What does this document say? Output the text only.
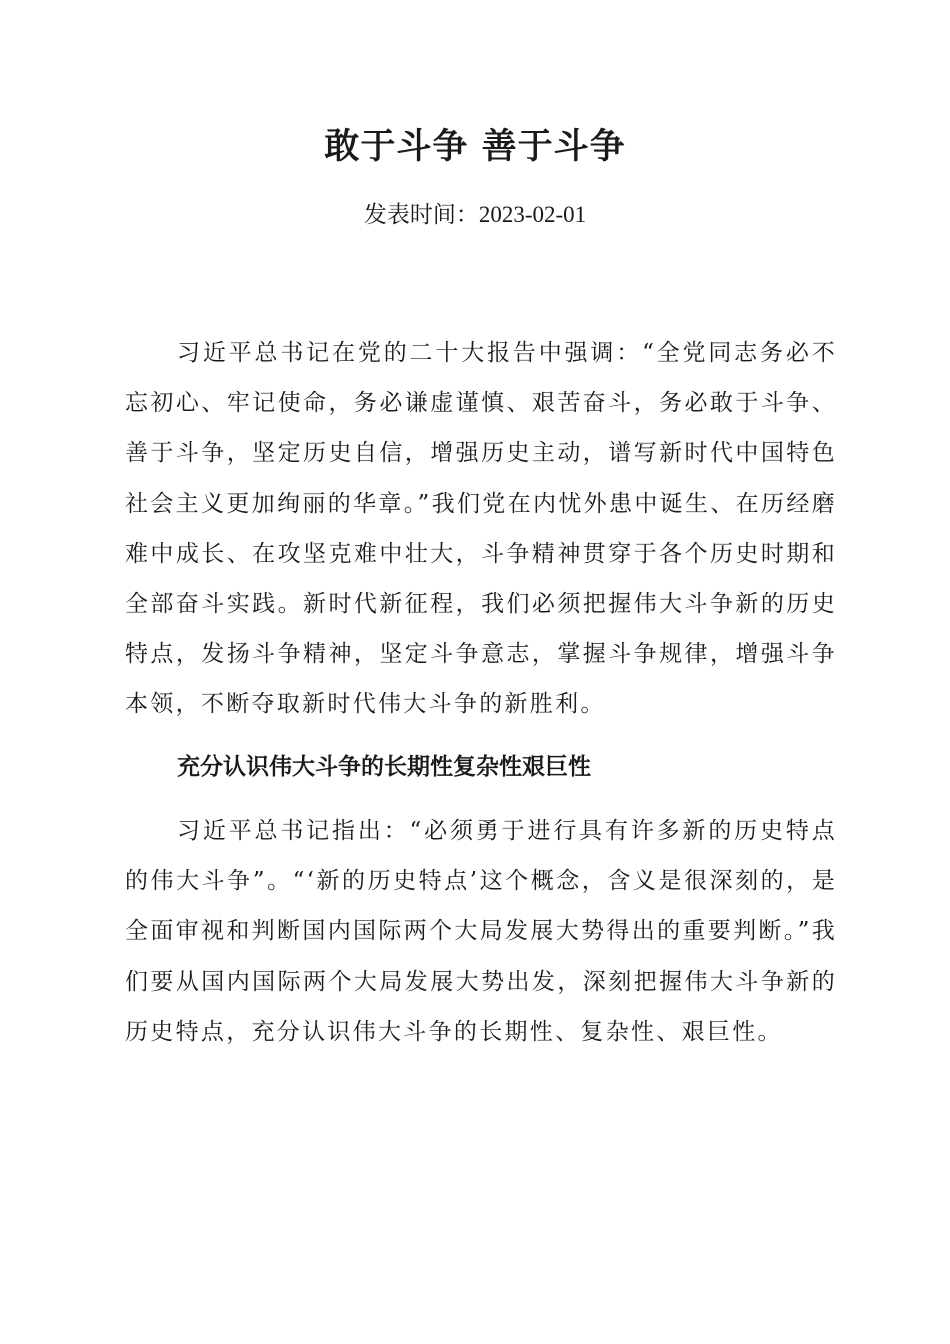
敢于斗争 善于斗争

发表时间：2023-02-01

习近平总书记在党的二十大报告中强调：“全党同志务必不忘初心、牢记使命，务必谦虚谨慎、艰苦奋斗，务必敢于斗争、善于斗争，坚定历史自信，增强历史主动，谱写新时代中国特色社会主义更加绚丽的华章。”我们党在内忧外患中诞生、在历经磨难中成长、在攻坚克难中壮大，斗争精神贯穿于各个历史时期和全部奋斗实践。新时代新征程，我们必须把握伟大斗争新的历史特点，发扬斗争精神，坚定斗争意志，掌握斗争规律，增强斗争本领，不断夺取新时代伟大斗争的新胜利。

充分认识伟大斗争的长期性复杂性艰巨性

习近平总书记指出：“必须勇于进行具有许多新的历史特点的伟大斗争”。“‘新的历史特点’这个概念，含义是很深刻的，是全面审视和判断国内国际两个大局发展大势得出的重要判断。”我们要从国内国际两个大局发展大势出发，深刻把握伟大斗争新的历史特点，充分认识伟大斗争的长期性、复杂性、艰巨性。
